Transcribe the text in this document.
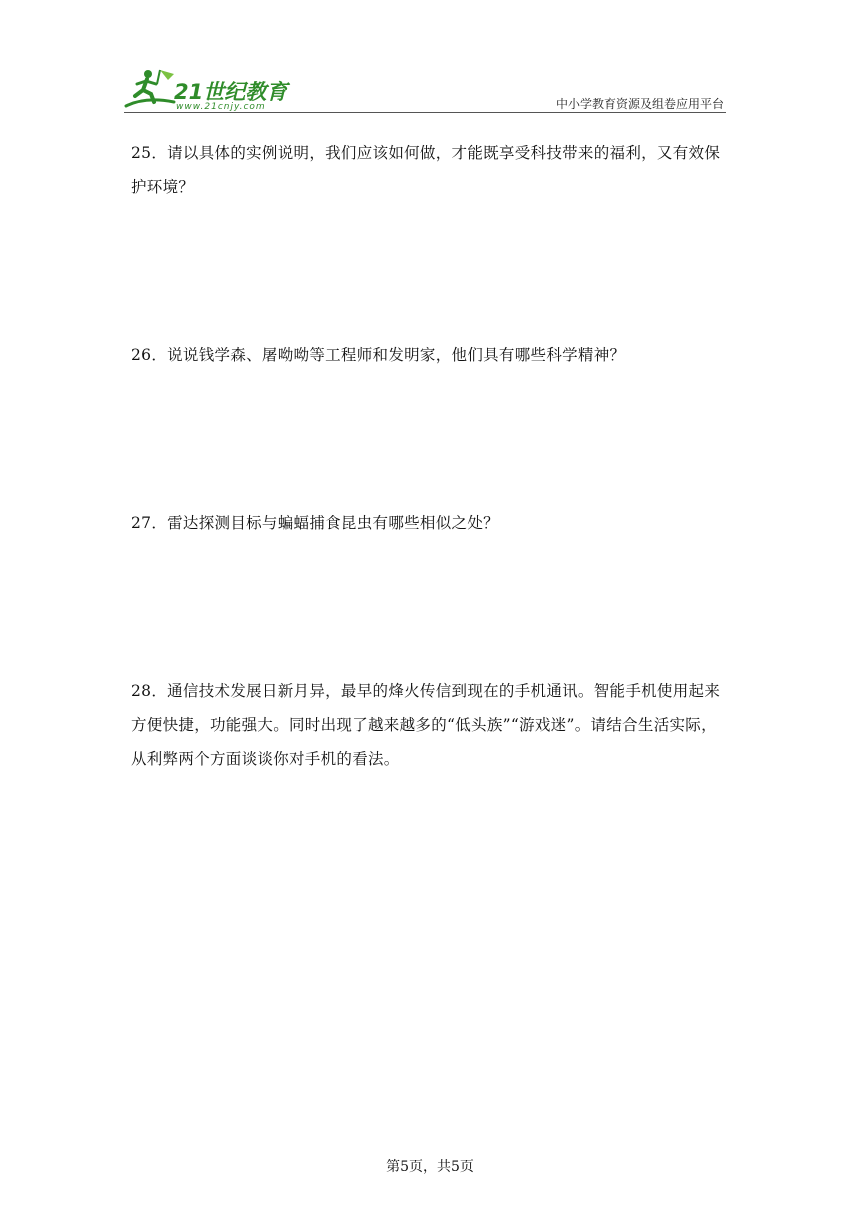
21世纪教育
www.21cnjy.com	中小学教育资源及组卷应用平台
25．请以具体的实例说明，我们应该如何做，才能既享受科技带来的福利，又有效保护环境？
26．说说钱学森、屠呦呦等工程师和发明家，他们具有哪些科学精神？
27．雷达探测目标与蝙蝠捕食昆虫有哪些相似之处？
28．通信技术发展日新月异，最早的烽火传信到现在的手机通讯。智能手机使用起来方便快捷，功能强大。同时出现了越来越多的“低头族”“游戏迷”。请结合生活实际，从利弊两个方面谈谈你对手机的看法。
第5页，共5页
